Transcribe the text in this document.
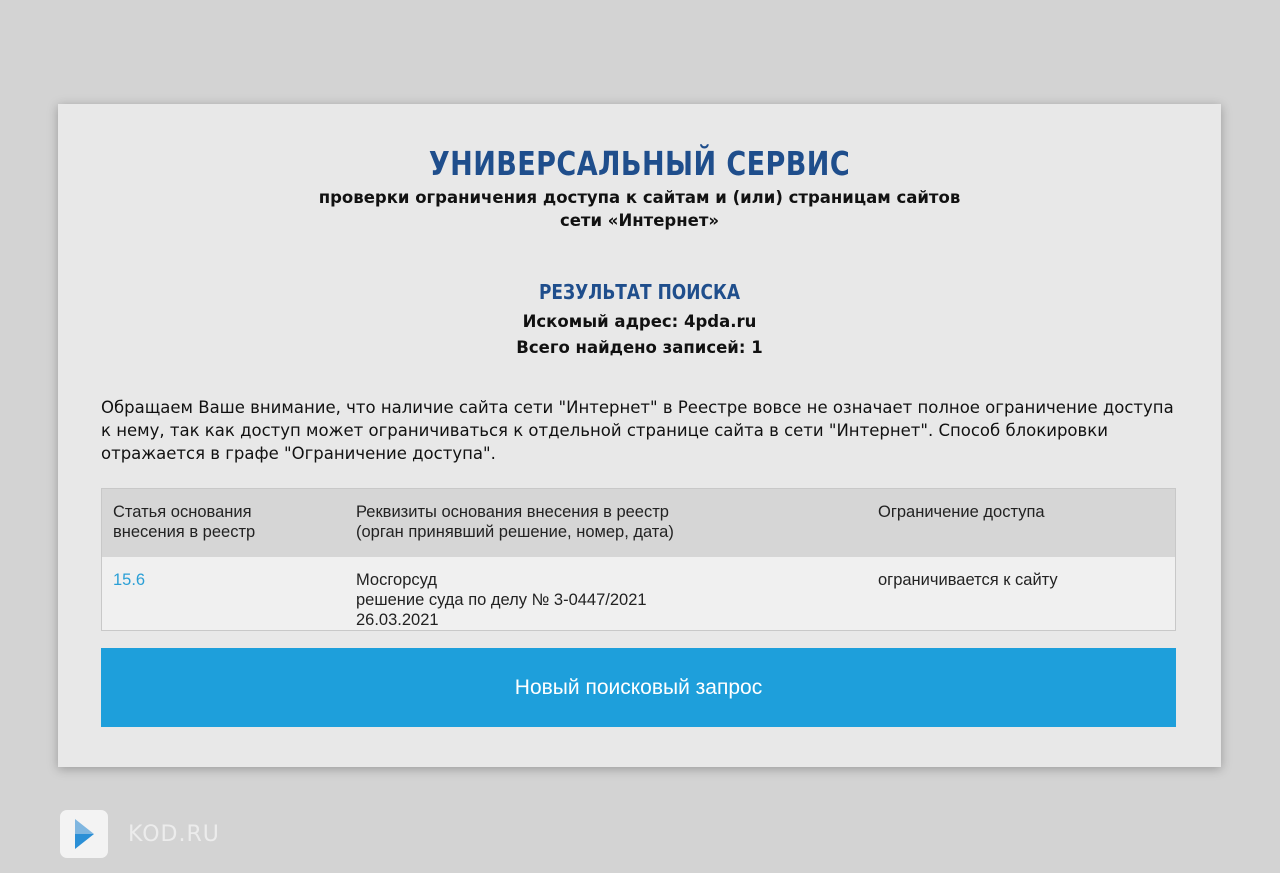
УНИВЕРСАЛЬНЫЙ СЕРВИС
проверки ограничения доступа к сайтам и (или) страницам сайтов
сети «Интернет»
РЕЗУЛЬТАТ ПОИСКА
Искомый адрес: 4pda.ru
Всего найдено записей: 1
Обращаем Ваше внимание, что наличие сайта сети "Интернет" в Реестре вовсе не означает полное ограничение доступа к нему, так как доступ может ограничиваться к отдельной странице сайта в сети "Интернет". Способ блокировки отражается в графе "Ограничение доступа".
Статья основания
внесения в реестр
Реквизиты основания внесения в реестр
(орган принявший решение, номер, дата)
Ограничение доступа
15.6	Мосгорсуд
решение суда по делу № 3-0447/2021
26.03.2021
ограничивается к сайту
Новый поисковый запрос
KOD.RU
